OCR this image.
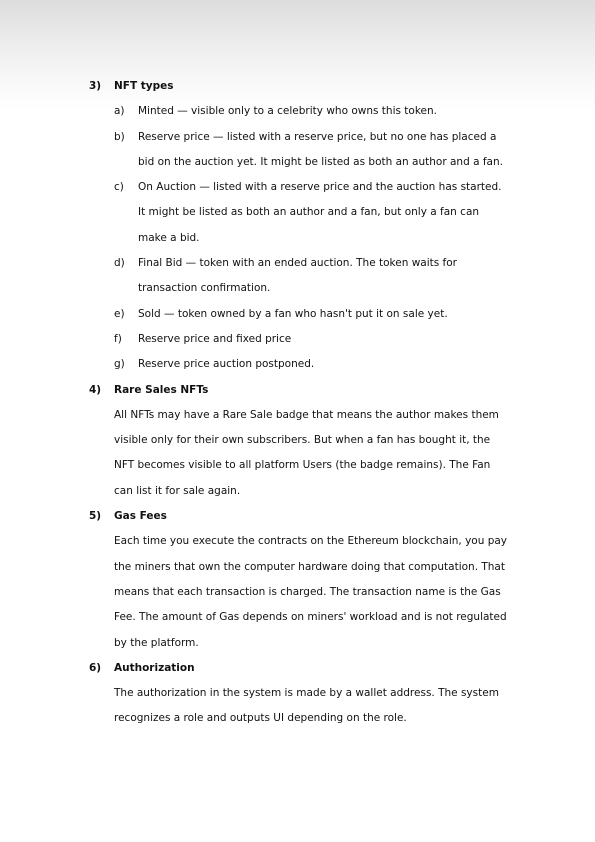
3)	NFT types
a)	Minted — visible only to a celebrity who owns this token.
b)	Reserve price — listed with a reserve price, but no one has placed a bid on the auction yet. It might be listed as both an author and a fan.
c)	On Auction — listed with a reserve price and the auction has started. It might be listed as both an author and a fan, but only a fan can make a bid.
d)	Final Bid — token with an ended auction. The token waits for transaction confirmation.
e)	Sold — token owned by a fan who hasn't put it on sale yet.
f)	Reserve price and fixed price
g)	Reserve price auction postponed.
4)	Rare Sales NFTs
All NFTs may have a Rare Sale badge that means the author makes them visible only for their own subscribers. But when a fan has bought it, the NFT becomes visible to all platform Users (the badge remains). The Fan can list it for sale again.
5)	Gas Fees
Each time you execute the contracts on the Ethereum blockchain, you pay the miners that own the computer hardware doing that computation. That means that each transaction is charged. The transaction name is the Gas Fee. The amount of Gas depends on miners' workload and is not regulated by the platform.
6)	Authorization
The authorization in the system is made by a wallet address. The system recognizes a role and outputs UI depending on the role.
